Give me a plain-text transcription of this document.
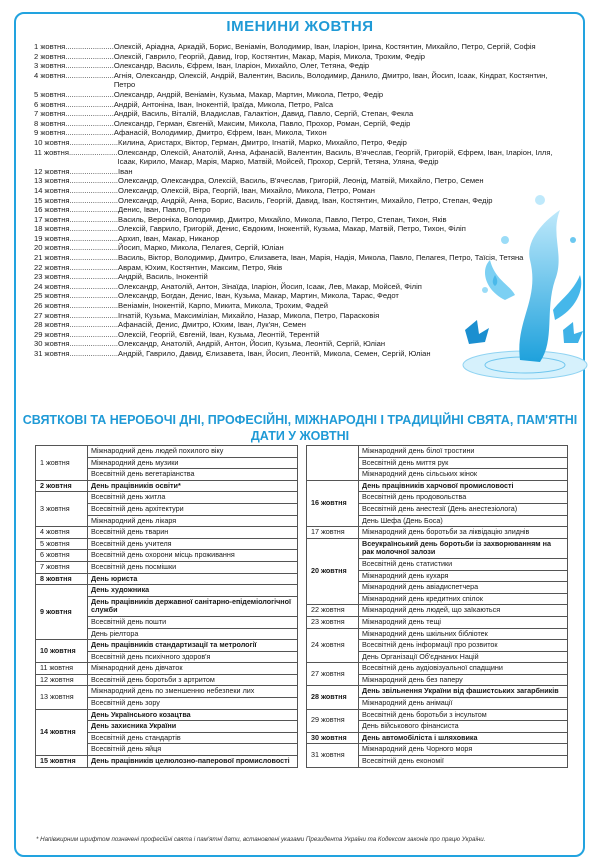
ІМЕНИНИ ЖОВТНЯ
1 жовтня....................... Олексій, Аріадна, Аркадій, Борис, Веніамін, Володимир, Іван, Іларіон, Ірина, Костянтин, Михайло, Петро, Сергій, Софія
2 жовтня....................... Олексій, Гаврило, Георгій, Давид, Ігор, Костянтин, Макар, Марія, Микола, Трохим, Федір
3 жовтня....................... Олександр, Василь, Єфрем, Іван, Іларіон, Михайло, Олег, Тетяна, Федір
4 жовтня....................... Агнія, Олександр, Олексій, Андрій, Валентин, Василь, Володимир, Данило, Дмитро, Іван, Йосип, Ісаак, Кіндрат, Костянтин, Петро
5 жовтня....................... Олександр, Андрій, Веніамін, Кузьма, Макар, Мартин, Микола, Петро, Федір
6 жовтня....................... Андрій, Антоніна, Іван, Інокентій, Іраїда, Микола, Петро, Раїса
7 жовтня....................... Андрій, Василь, Віталій, Владислав, Галактіон, Давид, Павло, Сергій, Степан, Фекла
8 жовтня....................... Олександр, Герман, Євгеній, Максим, Микола, Павло, Прохор, Роман, Сергій, Федір
9 жовтня....................... Афанасій, Володимир, Дмитро, Єфрем, Іван, Микола, Тихон
10 жовтня....................... Килина, Аристарх, Віктор, Герман, Дмитро, Ігнатій, Марко, Михайло, Петро, Федір
11 жовтня....................... Олександр, Олексій, Анатолій, Анна, Афанасій, Валентин, Василь, В'ячеслав, Георгій, Григорій, Єфрем, Іван, Іларіон, Ілля, Ісаак, Кирило, Макар, Марія, Марко, Матвій, Мойсей, Прохор, Сергій, Тетяна, Уляна, Федір
12 жовтня....................... Іван
13 жовтня....................... Олександр, Олександра, Олексій, Василь, В'ячеслав, Григорій, Леонід, Матвій, Михайло, Петро, Семен
14 жовтня....................... Олександр, Олексій, Віра, Георгій, Іван, Михайло, Микола, Петро, Роман
15 жовтня....................... Олександр, Андрій, Анна, Борис, Василь, Георгій, Давид, Іван, Костянтин, Михайло, Петро, Степан, Федір
16 жовтня....................... Денис, Іван, Павло, Петро
17 жовтня....................... Василь, Вероніка, Володимир, Дмитро, Михайло, Микола, Павло, Петро, Степан, Тихон, Яків
18 жовтня....................... Олексій, Гаврило, Григорій, Денис, Євдоким, Інокентій, Кузьма, Макар, Матвій, Петро, Тихон, Філіп
19 жовтня....................... Архип, Іван, Макар, Никанор
20 жовтня....................... Йосип, Марко, Микола, Пелагея, Сергій, Юліан
21 жовтня....................... Василь, Віктор, Володимир, Дмитро, Єлизавета, Іван, Марія, Надія, Микола, Павло, Пелагея, Петро, Таїсія, Тетяна
22 жовтня....................... Аврам, Юхим, Костянтин, Максим, Петро, Яків
23 жовтня....................... Андрій, Василь, Інокентій
24 жовтня....................... Олександр, Анатолій, Антон, Зінаїда, Іларіон, Йосип, Ісаак, Лев, Макар, Мойсей, Філіп
25 жовтня....................... Олександр, Богдан, Денис, Іван, Кузьма, Макар, Мартин, Микола, Тарас, Федот
26 жовтня....................... Веніамін, Інокентій, Карпо, Микита, Микола, Трохим, Фадей
27 жовтня....................... Ігнатій, Кузьма, Максиміліан, Михайло, Назар, Микола, Петро, Парасковія
28 жовтня....................... Афанасій, Денис, Дмитро, Юхим, Іван, Лук'ян, Семен
29 жовтня....................... Олексій, Георгій, Євгеній, Іван, Кузьма, Леонтій, Терентій
30 жовтня....................... Олександр, Анатолій, Андрій, Антон, Йосип, Кузьма, Леонтій, Сергій, Юліан
31 жовтня....................... Андрій, Гаврило, Давид, Єлизавета, Іван, Йосип, Леонтій, Микола, Семен, Сергій, Юліан
СВЯТКОВІ ТА НЕРОБОЧІ ДНІ, ПРОФЕСІЙНІ, МІЖНАРОДНІ І ТРАДИЦІЙНІ СВЯТА, ПАМ'ЯТНІ ДАТИ У ЖОВТНІ
1 жовтня	Міжнародний день людей похилого віку
	Міжнародний день музики
	Всесвітній день вегетаріанства
2 жовтня	День працівників освіти*
3 жовтня	Всесвітній день житла
	Всесвітній день архітектури
	Міжнародний день лікаря
4 жовтня	Всесвітній день тварин
5 жовтня	Всесвітній день учителя
6 жовтня	Всесвітній день охорони місць проживання
7 жовтня	Всесвітній день посмішки
8 жовтня	День юриста
9 жовтня	День художника
	День працівників державної санітарно-епідеміологічної служби
	Всесвітній день пошти
	День ріелтора
10 жовтня	День працівників стандартизації та метрології
	Всесвітній день психічного здоров'я
11 жовтня	Міжнародний день дівчаток
12 жовтня	Всесвітній день боротьби з артритом
13 жовтня	Міжнародний день по зменшенню небезпеки лих
	Всесвітній день зору
14 жовтня	День Українського козацтва
	День захисника України
	Всесвітній день стандартів
	Всесвітній день яйця
15 жовтня	День працівників целюлозно-паперової промисловості
	Міжнародний день білої тростини
	Всесвітній день миття рук
	Міжнародний день сільських жінок
16 жовтня	День працівників харчової промисловості
	Всесвітній день продовольства
	Всесвітній день анестезії (День анестезіолога)
	День Шефа (День Боса)
17 жовтня	Міжнародний день боротьби за ліквідацію злиднів
20 жовтня	Всеукраїнський день боротьби із захворюванням на рак молочної залози
	Всесвітній день статистики
	Міжнародний день кухаря
	Міжнародний день авіадиспетчера
	Міжнародний день кредитних спілок
22 жовтня	Міжнародний день людей, що заїкаються
23 жовтня	Міжнародний день тещі
24 жовтня	Міжнародний день шкільних бібліотек
	Всесвітній день інформації про розвиток
	День Організації Об'єднаних Націй
27 жовтня	Всесвітній день аудіовізуальної спадщини
	Міжнародний день без паперу
28 жовтня	День звільнення України від фашистських загарбників
	Міжнародний день анімації
29 жовтня	Всесвітній день боротьби з інсультом
	День військового фінансиста
30 жовтня	День автомобіліста і шляховика
31 жовтня	Міжнародний день Чорного моря
	Всесвітній день економії
* Напівжирним шрифтом позначені професійні свята і пам'ятні дати, встановлені указами Президента України та Кодексом законів про працю України.
